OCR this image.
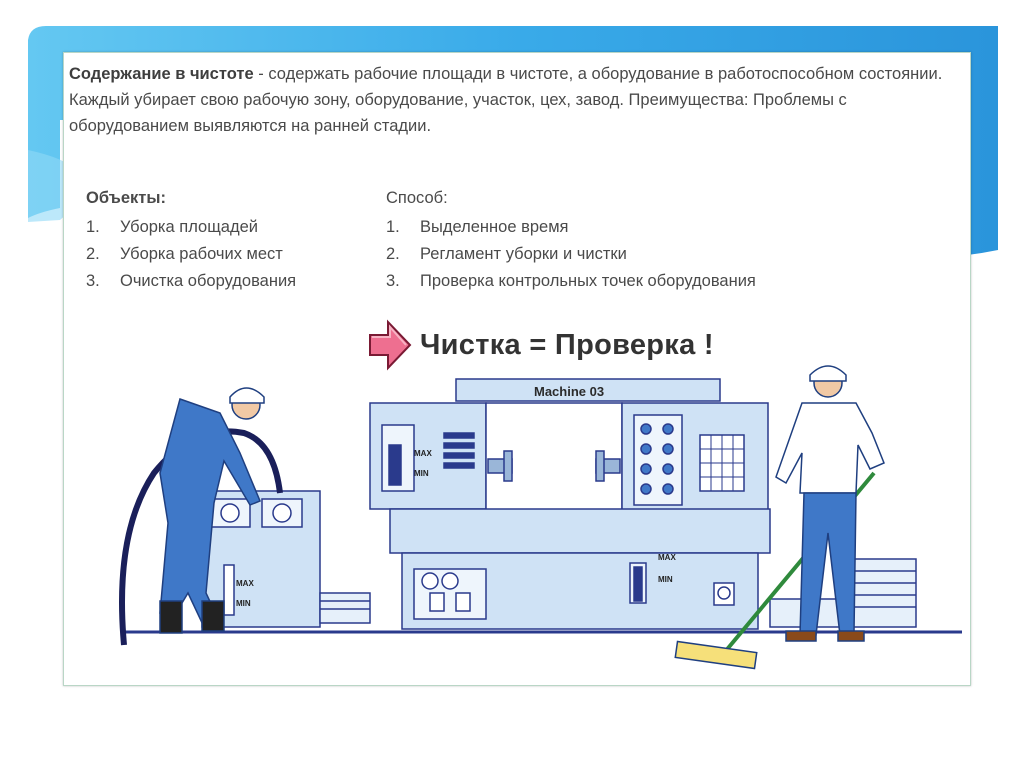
Содержание в чистоте - содержать рабочие площади в чистоте, а оборудование в работоспособном состоянии. Каждый убирает свою рабочую зону, оборудование, участок, цех, завод. Преимущества: Проблемы с оборудованием выявляются на ранней стадии.
Объекты:
1. Уборка площадей
2. Уборка рабочих мест
3. Очистка оборудования
Способ:
1. Выделенное время
2. Регламент уборки и чистки
3. Проверка контрольных точек оборудования
Чистка = Проверка !
Machine 03
MAX
MIN
MAX
MIN
MAX
MIN
